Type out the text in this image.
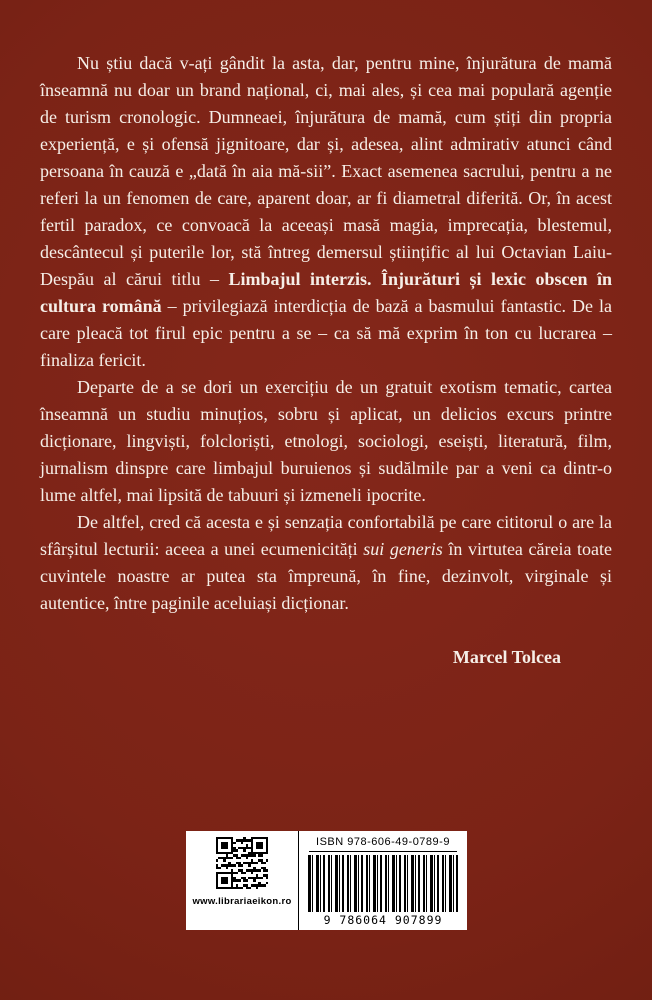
Nu știu dacă v-ați gândit la asta, dar, pentru mine, înjurătura de mamă înseamnă nu doar un brand național, ci, mai ales, și cea mai populară agenție de turism cronologic. Dumneaei, înjurătura de mamă, cum știți din propria experiență, e și ofensă jignitoare, dar și, adesea, alint admirativ atunci când persoana în cauză e „dată în aia mă-sii”. Exact asemenea sacrului, pentru a ne referi la un fenomen de care, aparent doar, ar fi diametral diferită. Or, în acest fertil paradox, ce convoacă la aceeași masă magia, imprecația, blestemul, descântecul și puterile lor, stă întreg demersul științific al lui Octavian Laiu-Despău al cărui titlu – Limbajul interzis. Înjurături și lexic obscen în cultura română – privilegiază interdicția de bază a basmului fantastic. De la care pleacă tot firul epic pentru a se – ca să mă exprim în ton cu lucrarea – finaliza fericit.

Departe de a se dori un exercițiu de un gratuit exotism tematic, cartea înseamnă un studiu minuțios, sobru și aplicat, un delicios excurs printre dicționare, lingviști, folcloriști, etnologi, sociologi, eseiști, literatură, film, jurnalism dinspre care limbajul buruienos și sudălmile par a veni ca dintr-o lume altfel, mai lipsită de tabuuri și izmeneli ipocrite.

De altfel, cred că acesta e și senzația confortabilă pe care cititorul o are la sfârșitul lecturii: aceea a unei ecumenicități sui generis în virtutea căreia toate cuvintele noastre ar putea sta împreună, în fine, dezinvolt, virginale și autentice, între paginile aceluiași dicționar.

Marcel Tolcea

www.librariaeikon.ro
ISBN 978-606-49-0789-9
9 786064 907899
